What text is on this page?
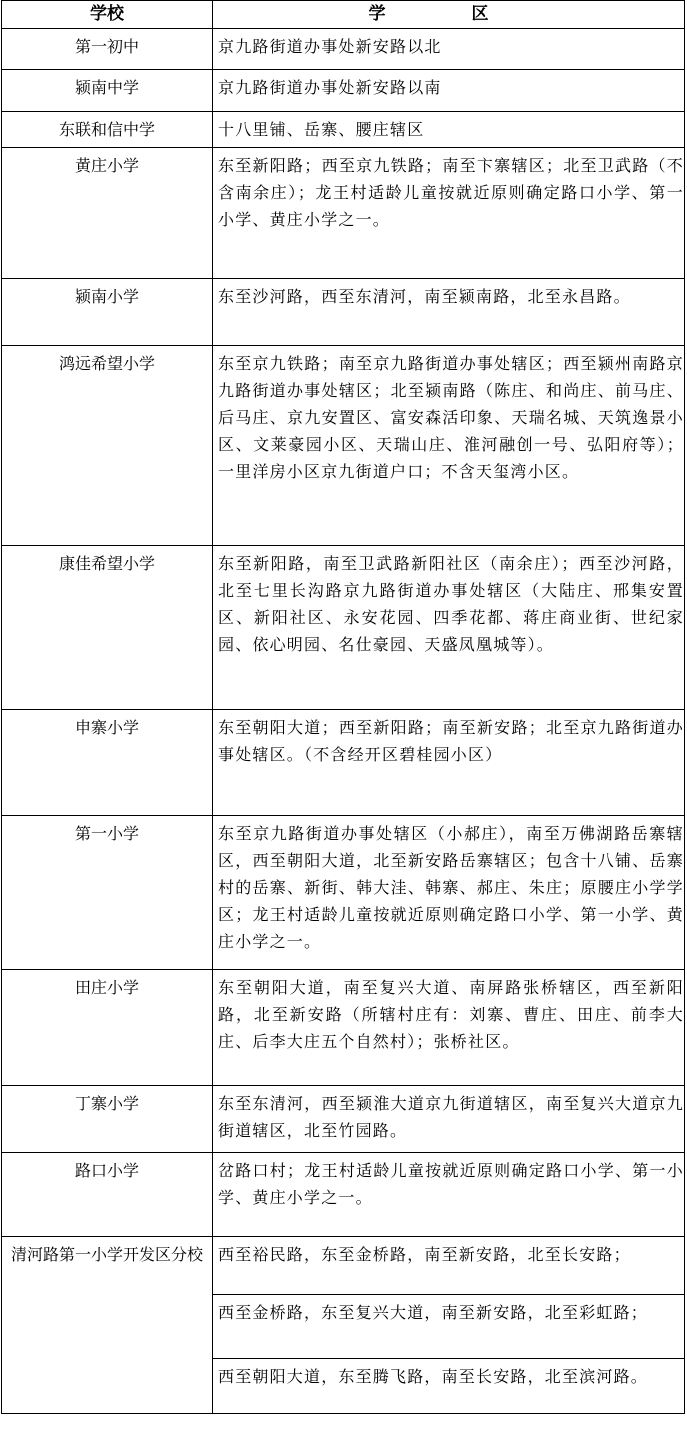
学校	学 区
第一初中	京九路街道办事处新安路以北
颍南中学	京九路街道办事处新安路以南
东联和信中学	十八里铺、岳寨、腰庄辖区
黄庄小学	东至新阳路；西至京九铁路；南至卞寨辖区；北至卫武路（不含南余庄）；龙王村适龄儿童按就近原则确定路口小学、第一小学、黄庄小学之一。
颍南小学	东至沙河路，西至东清河，南至颍南路，北至永昌路。
鸿远希望小学	东至京九铁路；南至京九路街道办事处辖区；西至颍州南路京九路街道办事处辖区；北至颍南路（陈庄、和尚庄、前马庄、后马庄、京九安置区、富安森活印象、天瑞名城、天筑逸景小区、文莱豪园小区、天瑞山庄、淮河融创一号、弘阳府等）；一里洋房小区京九街道户口；不含天玺湾小区。
康佳希望小学	东至新阳路，南至卫武路新阳社区（南余庄）；西至沙河路，北至七里长沟路京九路街道办事处辖区（大陆庄、邢集安置区、新阳社区、永安花园、四季花都、蒋庄商业街、世纪家园、依心明园、名仕豪园、天盛凤凰城等）。
申寨小学	东至朝阳大道；西至新阳路；南至新安路；北至京九路街道办事处辖区。（不含经开区碧桂园小区）
第一小学	东至京九路街道办事处辖区（小郝庄），南至万佛湖路岳寨辖区，西至朝阳大道，北至新安路岳寨辖区；包含十八铺、岳寨村的岳寨、新街、韩大洼、韩寨、郝庄、朱庄；原腰庄小学学区；龙王村适龄儿童按就近原则确定路口小学、第一小学、黄庄小学之一。
田庄小学	东至朝阳大道，南至复兴大道、南屏路张桥辖区，西至新阳路，北至新安路（所辖村庄有：刘寨、曹庄、田庄、前李大庄、后李大庄五个自然村）；张桥社区。
丁寨小学	东至东清河，西至颍淮大道京九街道辖区，南至复兴大道京九街道辖区，北至竹园路。
路口小学	岔路口村；龙王村适龄儿童按就近原则确定路口小学、第一小学、黄庄小学之一。
清河路第一小学开发区分校	西至裕民路，东至金桥路，南至新安路，北至长安路；
	西至金桥路，东至复兴大道，南至新安路，北至彩虹路；
	西至朝阳大道，东至腾飞路，南至长安路，北至滨河路。
